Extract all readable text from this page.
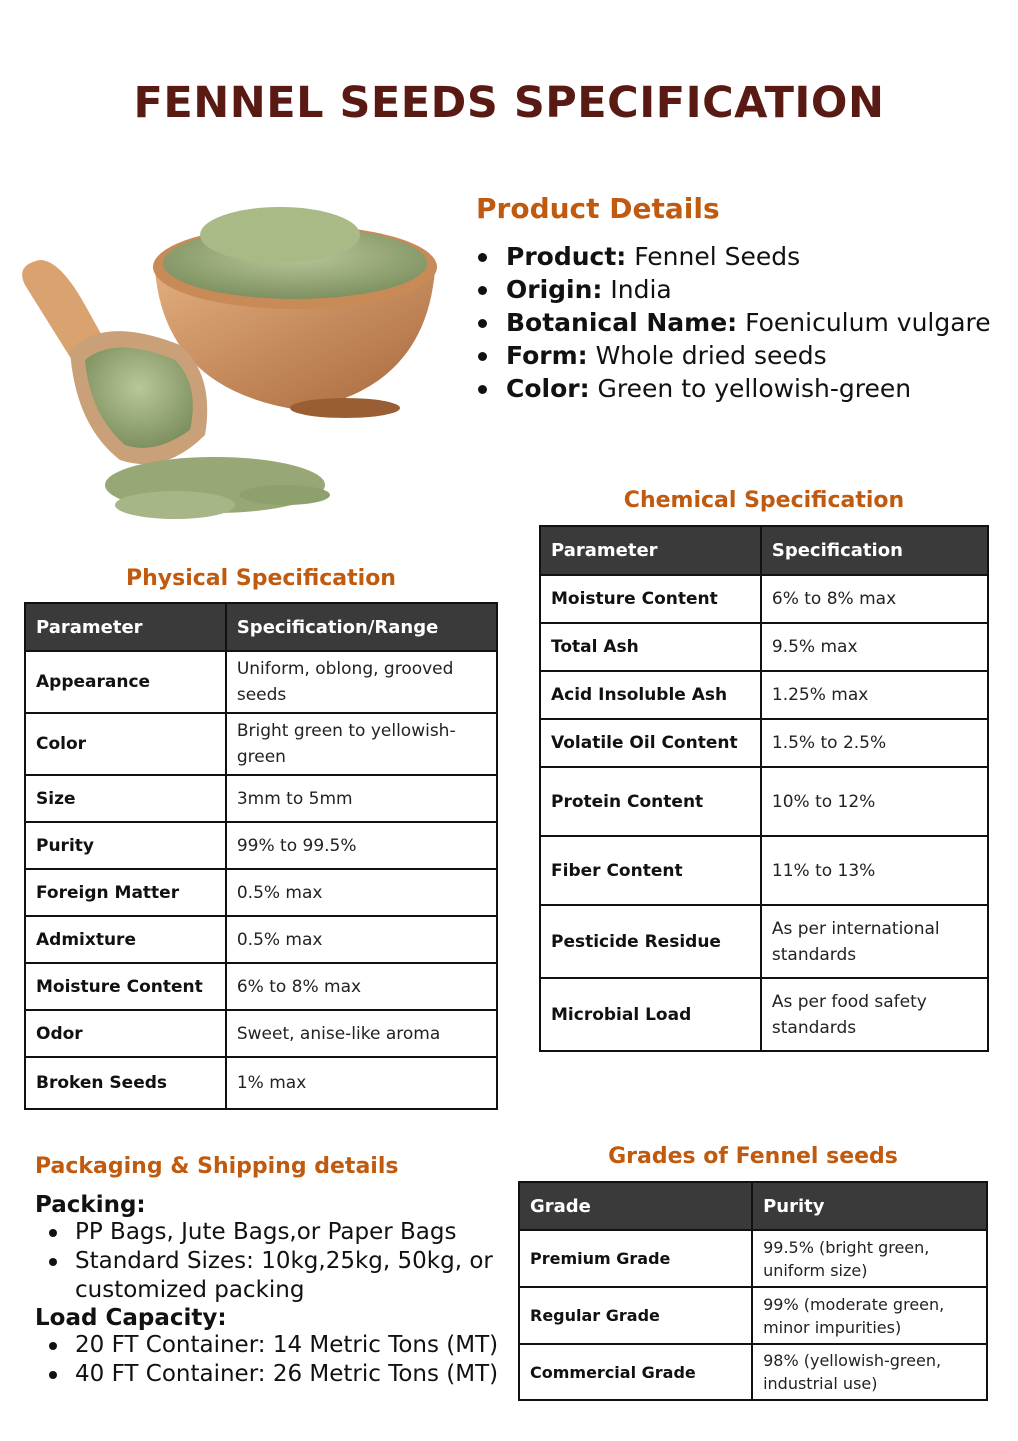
FENNEL SEEDS SPECIFICATION
Product Details
Product: Fennel Seeds
Origin: India
Botanical Name: Foeniculum vulgare
Form: Whole dried seeds
Color: Green to yellowish-green
Chemical Specification
Parameter	Specification
Moisture Content	6% to 8% max
Total Ash	9.5% max
Acid Insoluble Ash	1.25% max
Volatile Oil Content	1.5% to 2.5%
Protein Content	10% to 12%
Fiber Content	11% to 13%
Pesticide Residue	As per international standards
Microbial Load	As per food safety standards
Physical Specification
Parameter	Specification/Range
Appearance	Uniform, oblong, grooved seeds
Color	Bright green to yellowish-green
Size	3mm to 5mm
Purity	99% to 99.5%
Foreign Matter	0.5% max
Admixture	0.5% max
Moisture Content	6% to 8% max
Odor	Sweet, anise-like aroma
Broken Seeds	1% max
Packaging & Shipping details
Packing:
PP Bags, Jute Bags,or Paper Bags
Standard Sizes: 10kg,25kg, 50kg, or customized packing
Load Capacity:
20 FT Container: 14 Metric Tons (MT)
40 FT Container: 26 Metric Tons (MT)
Grades of Fennel seeds
Grade	Purity
Premium Grade	99.5% (bright green, uniform size)
Regular Grade	99% (moderate green, minor impurities)
Commercial Grade	98% (yellowish-green, industrial use)
